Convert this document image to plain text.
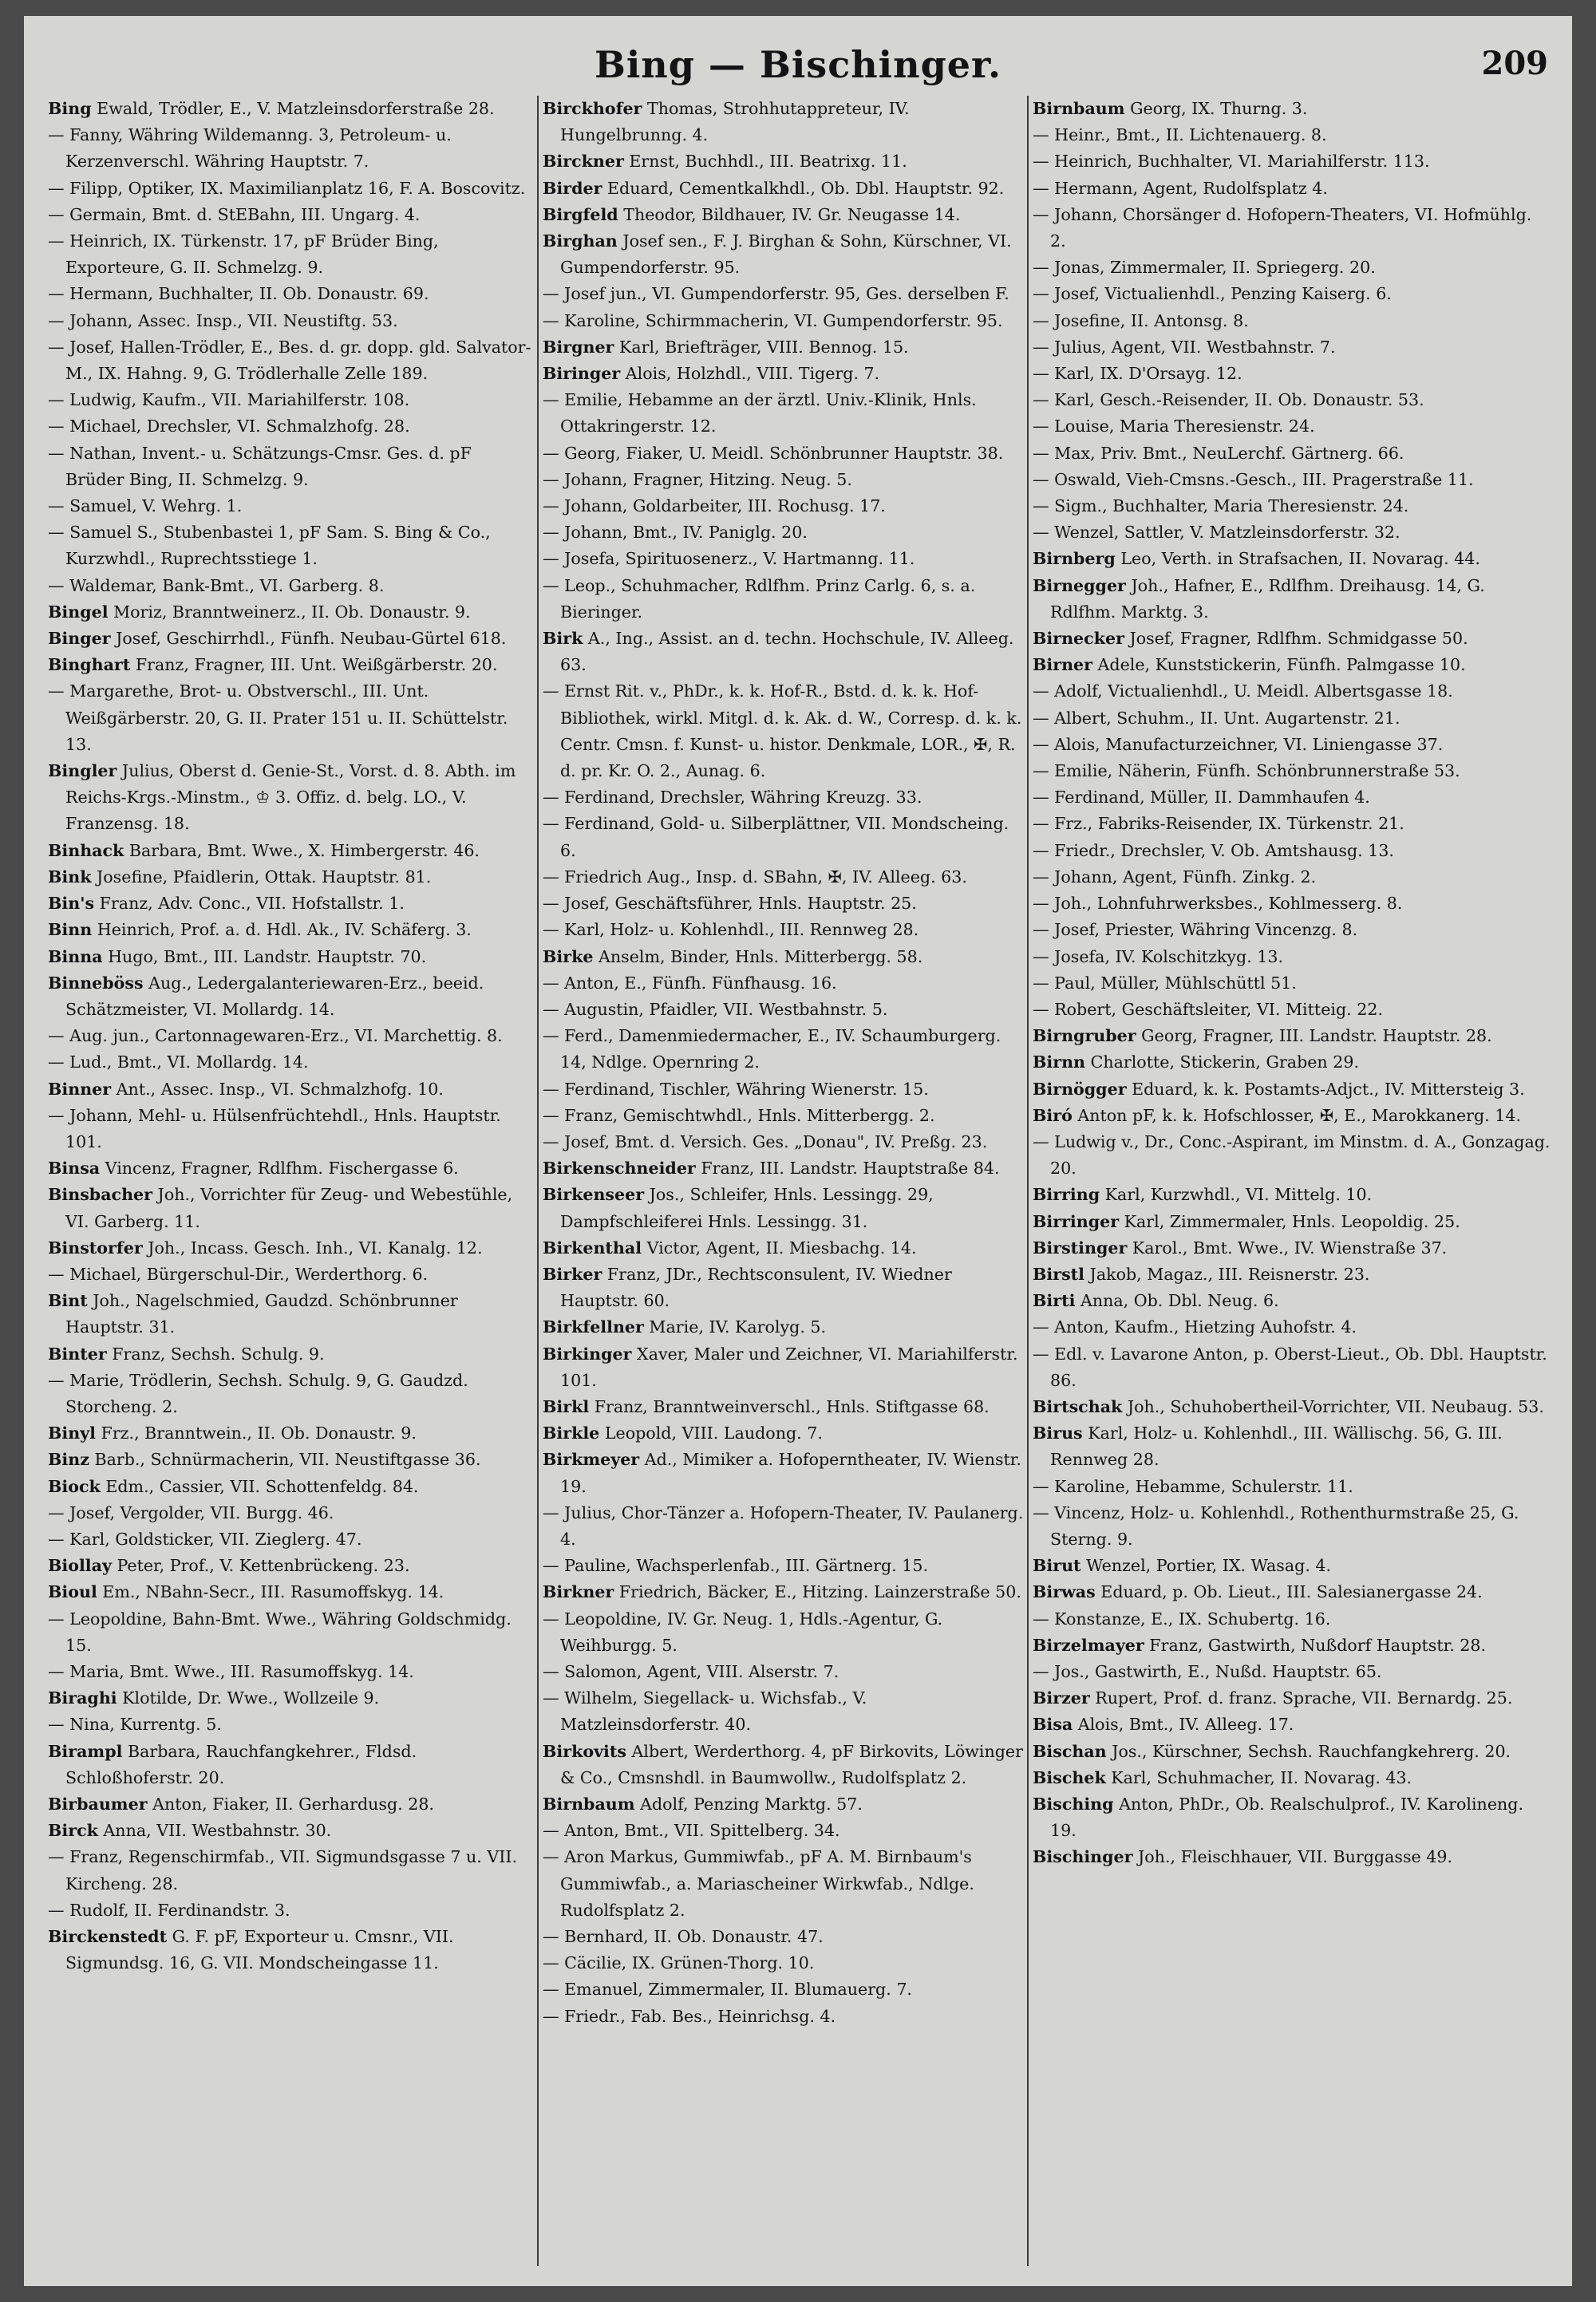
Bing — Bischinger.	209

Bing Ewald, Trödler, E., V. Matzleinsdorferstraße 28.

— Fanny, Währing Wildemanng. 3, Petroleum- u. Kerzenverschl. Währing Hauptstr. 7.

— Filipp, Optiker, IX. Maximilianplatz 16, F. A. Boscovitz.

— Germain, Bmt. d. StEBahn, III. Ungarg. 4.

— Heinrich, IX. Türkenstr. 17, pF Brüder Bing, Exporteure, G. II. Schmelzg. 9.

— Hermann, Buchhalter, II. Ob. Donaustr. 69.

— Johann, Assec. Insp., VII. Neustiftg. 53.

— Josef, Hallen-Trödler, E., Bes. d. gr. dopp. gld. Salvator-M., IX. Hahng. 9, G. Trödlerhalle Zelle 189.

— Ludwig, Kaufm., VII. Mariahilferstr. 108.

— Michael, Drechsler, VI. Schmalzhofg. 28.

— Nathan, Invent.- u. Schätzungs-Cmsr. Ges. d. pF Brüder Bing, II. Schmelzg. 9.

— Samuel, V. Wehrg. 1.

— Samuel S., Stubenbastei 1, pF Sam. S. Bing & Co., Kurzwhdl., Ruprechtsstiege 1.

— Waldemar, Bank-Bmt., VI. Garberg. 8.

Bingel Moriz, Branntweinerz., II. Ob. Donaustr. 9.

Binger Josef, Geschirrhdl., Fünfh. Neubau-Gürtel 618.

Binghart Franz, Fragner, III. Unt. Weißgärberstr. 20.

— Margarethe, Brot- u. Obstverschl., III. Unt. Weißgärberstr. 20, G. II. Prater 151 u. II. Schüttelstr. 13.

Bingler Julius, Oberst d. Genie-St., Vorst. d. 8. Abth. im Reichs-Krgs.-Minstm., ♔ 3. Offiz. d. belg. LO., V. Franzensg. 18.

Binhack Barbara, Bmt. Wwe., X. Himbergerstr. 46.

Bink Josefine, Pfaidlerin, Ottak. Hauptstr. 81.

Bin's Franz, Adv. Conc., VII. Hofstallstr. 1.

Binn Heinrich, Prof. a. d. Hdl. Ak., IV. Schäferg. 3.

Binna Hugo, Bmt., III. Landstr. Hauptstr. 70.

Binneböss Aug., Ledergalanteriewaren-Erz., beeid. Schätzmeister, VI. Mollardg. 14.

— Aug. jun., Cartonnagewaren-Erz., VI. Marchettig. 8.

— Lud., Bmt., VI. Mollardg. 14.

Binner Ant., Assec. Insp., VI. Schmalzhofg. 10.

— Johann, Mehl- u. Hülsenfrüchtehdl., Hnls. Hauptstr. 101.

Binsa Vincenz, Fragner, Rdlfhm. Fischergasse 6.

Binsbacher Joh., Vorrichter für Zeug- und Webestühle, VI. Garberg. 11.

Binstorfer Joh., Incass. Gesch. Inh., VI. Kanalg. 12.

— Michael, Bürgerschul-Dir., Werderthorg. 6.

Bint Joh., Nagelschmied, Gaudzd. Schönbrunner Hauptstr. 31.

Binter Franz, Sechsh. Schulg. 9.

— Marie, Trödlerin, Sechsh. Schulg. 9, G. Gaudzd. Storcheng. 2.

Binyl Frz., Branntwein., II. Ob. Donaustr. 9.

Binz Barb., Schnürmacherin, VII. Neustiftgasse 36.

Biock Edm., Cassier, VII. Schottenfeldg. 84.

— Josef, Vergolder, VII. Burgg. 46.

— Karl, Goldsticker, VII. Zieglerg. 47.

Biollay Peter, Prof., V. Kettenbrückeng. 23.

Bioul Em., NBahn-Secr., III. Rasumoffskyg. 14.

— Leopoldine, Bahn-Bmt. Wwe., Währing Goldschmidg. 15.

— Maria, Bmt. Wwe., III. Rasumoffskyg. 14.

Biraghi Klotilde, Dr. Wwe., Wollzeile 9.

— Nina, Kurrentg. 5.

Birampl Barbara, Rauchfangkehrer., Fldsd. Schloßhoferstr. 20.

Birbaumer Anton, Fiaker, II. Gerhardusg. 28.

Birck Anna, VII. Westbahnstr. 30.

— Franz, Regenschirmfab., VII. Sigmundsgasse 7 u. VII. Kircheng. 28.

— Rudolf, II. Ferdinandstr. 3.

Birckenstedt G. F. pF, Exporteur u. Cmsnr., VII. Sigmundsg. 16, G. VII. Mondscheingasse 11.

Birckhofer Thomas, Strohhutappreteur, IV. Hungelbrunng. 4.

Birckner Ernst, Buchhdl., III. Beatrixg. 11.

Birder Eduard, Cementkalkhdl., Ob. Dbl. Hauptstr. 92.

Birgfeld Theodor, Bildhauer, IV. Gr. Neugasse 14.

Birghan Josef sen., F. J. Birghan & Sohn, Kürschner, VI. Gumpendorferstr. 95.

— Josef jun., VI. Gumpendorferstr. 95, Ges. derselben F.

— Karoline, Schirmmacherin, VI. Gumpendorferstr. 95.

Birgner Karl, Briefträger, VIII. Bennog. 15.

Biringer Alois, Holzhdl., VIII. Tigerg. 7.

— Emilie, Hebamme an der ärztl. Univ.-Klinik, Hnls. Ottakringerstr. 12.

— Georg, Fiaker, U. Meidl. Schönbrunner Hauptstr. 38.

— Johann, Fragner, Hitzing. Neug. 5.

— Johann, Goldarbeiter, III. Rochusg. 17.

— Johann, Bmt., IV. Paniglg. 20.

— Josefa, Spirituosenerz., V. Hartmanng. 11.

— Leop., Schuhmacher, Rdlfhm. Prinz Carlg. 6, s. a. Bieringer.

Birk A., Ing., Assist. an d. techn. Hochschule, IV. Alleeg. 63.

— Ernst Rit. v., PhDr., k. k. Hof-R., Bstd. d. k. k. Hof-Bibliothek, wirkl. Mitgl. d. k. Ak. d. W., Corresp. d. k. k. Centr. Cmsn. f. Kunst- u. histor. Denkmale, LOR., ✠, R. d. pr. Kr. O. 2., Aunag. 6.

— Ferdinand, Drechsler, Währing Kreuzg. 33.

— Ferdinand, Gold- u. Silberplättner, VII. Mondscheing. 6.

— Friedrich Aug., Insp. d. SBahn, ✠, IV. Alleeg. 63.

— Josef, Geschäftsführer, Hnls. Hauptstr. 25.

— Karl, Holz- u. Kohlenhdl., III. Rennweg 28.

Birke Anselm, Binder, Hnls. Mitterbergg. 58.

— Anton, E., Fünfh. Fünfhausg. 16.

— Augustin, Pfaidler, VII. Westbahnstr. 5.

— Ferd., Damenmiedermacher, E., IV. Schaumburgerg. 14, Ndlge. Opernring 2.

— Ferdinand, Tischler, Währing Wienerstr. 15.

— Franz, Gemischtwhdl., Hnls. Mitterbergg. 2.

— Josef, Bmt. d. Versich. Ges. „Donau", IV. Preßg. 23.

Birkenschneider Franz, III. Landstr. Hauptstraße 84.

Birkenseer Jos., Schleifer, Hnls. Lessingg. 29, Dampfschleiferei Hnls. Lessingg. 31.

Birkenthal Victor, Agent, II. Miesbachg. 14.

Birker Franz, JDr., Rechtsconsulent, IV. Wiedner Hauptstr. 60.

Birkfellner Marie, IV. Karolyg. 5.

Birkinger Xaver, Maler und Zeichner, VI. Mariahilferstr. 101.

Birkl Franz, Branntweinverschl., Hnls. Stiftgasse 68.

Birkle Leopold, VIII. Laudong. 7.

Birkmeyer Ad., Mimiker a. Hofoperntheater, IV. Wienstr. 19.

— Julius, Chor-Tänzer a. Hofopern-Theater, IV. Paulanerg. 4.

— Pauline, Wachsperlenfab., III. Gärtnerg. 15.

Birkner Friedrich, Bäcker, E., Hitzing. Lainzerstraße 50.

— Leopoldine, IV. Gr. Neug. 1, Hdls.-Agentur, G. Weihburgg. 5.

— Salomon, Agent, VIII. Alserstr. 7.

— Wilhelm, Siegellack- u. Wichsfab., V. Matzleinsdorferstr. 40.

Birkovits Albert, Werderthorg. 4, pF Birkovits, Löwinger & Co., Cmsnshdl. in Baumwollw., Rudolfsplatz 2.

Birnbaum Adolf, Penzing Marktg. 57.

— Anton, Bmt., VII. Spittelberg. 34.

— Aron Markus, Gummiwfab., pF A. M. Birnbaum's Gummiwfab., a. Mariascheiner Wirkwfab., Ndlge. Rudolfsplatz 2.

— Bernhard, II. Ob. Donaustr. 47.

— Cäcilie, IX. Grünen-Thorg. 10.

— Emanuel, Zimmermaler, II. Blumauerg. 7.

— Friedr., Fab. Bes., Heinrichsg. 4.

Birnbaum Georg, IX. Thurng. 3.

— Heinr., Bmt., II. Lichtenauerg. 8.

— Heinrich, Buchhalter, VI. Mariahilferstr. 113.

— Hermann, Agent, Rudolfsplatz 4.

— Johann, Chorsänger d. Hofopern-Theaters, VI. Hofmühlg. 2.

— Jonas, Zimmermaler, II. Spriegerg. 20.

— Josef, Victualienhdl., Penzing Kaiserg. 6.

— Josefine, II. Antonsg. 8.

— Julius, Agent, VII. Westbahnstr. 7.

— Karl, IX. D'Orsayg. 12.

— Karl, Gesch.-Reisender, II. Ob. Donaustr. 53.

— Louise, Maria Theresienstr. 24.

— Max, Priv. Bmt., NeuLerchf. Gärtnerg. 66.

— Oswald, Vieh-Cmsns.-Gesch., III. Pragerstraße 11.

— Sigm., Buchhalter, Maria Theresienstr. 24.

— Wenzel, Sattler, V. Matzleinsdorferstr. 32.

Birnberg Leo, Verth. in Strafsachen, II. Novarag. 44.

Birnegger Joh., Hafner, E., Rdlfhm. Dreihausg. 14, G. Rdlfhm. Marktg. 3.

Birnecker Josef, Fragner, Rdlfhm. Schmidgasse 50.

Birner Adele, Kunststickerin, Fünfh. Palmgasse 10.

— Adolf, Victualienhdl., U. Meidl. Albertsgasse 18.

— Albert, Schuhm., II. Unt. Augartenstr. 21.

— Alois, Manufacturzeichner, VI. Liniengasse 37.

— Emilie, Näherin, Fünfh. Schönbrunnerstraße 53.

— Ferdinand, Müller, II. Dammhaufen 4.

— Frz., Fabriks-Reisender, IX. Türkenstr. 21.

— Friedr., Drechsler, V. Ob. Amtshausg. 13.

— Johann, Agent, Fünfh. Zinkg. 2.

— Joh., Lohnfuhrwerksbes., Kohlmesserg. 8.

— Josef, Priester, Währing Vincenzg. 8.

— Josefa, IV. Kolschitzkyg. 13.

— Paul, Müller, Mühlschüttl 51.

— Robert, Geschäftsleiter, VI. Mitteig. 22.

Birngruber Georg, Fragner, III. Landstr. Hauptstr. 28.

Birnn Charlotte, Stickerin, Graben 29.

Birnögger Eduard, k. k. Postamts-Adjct., IV. Mittersteig 3.

Biró Anton pF, k. k. Hofschlosser, ✠, E., Marokkanerg. 14.

— Ludwig v., Dr., Conc.-Aspirant, im Minstm. d. A., Gonzagag. 20.

Birring Karl, Kurzwhdl., VI. Mittelg. 10.

Birringer Karl, Zimmermaler, Hnls. Leopoldig. 25.

Birstinger Karol., Bmt. Wwe., IV. Wienstraße 37.

Birstl Jakob, Magaz., III. Reisnerstr. 23.

Birti Anna, Ob. Dbl. Neug. 6.

— Anton, Kaufm., Hietzing Auhofstr. 4.

— Edl. v. Lavarone Anton, p. Oberst-Lieut., Ob. Dbl. Hauptstr. 86.

Birtschak Joh., Schuhobertheil-Vorrichter, VII. Neubaug. 53.

Birus Karl, Holz- u. Kohlenhdl., III. Wällischg. 56, G. III. Rennweg 28.

— Karoline, Hebamme, Schulerstr. 11.

— Vincenz, Holz- u. Kohlenhdl., Rothenthurmstraße 25, G. Sterng. 9.

Birut Wenzel, Portier, IX. Wasag. 4.

Birwas Eduard, p. Ob. Lieut., III. Salesianergasse 24.

— Konstanze, E., IX. Schubertg. 16.

Birzelmayer Franz, Gastwirth, Nußdorf Hauptstr. 28.

— Jos., Gastwirth, E., Nußd. Hauptstr. 65.

Birzer Rupert, Prof. d. franz. Sprache, VII. Bernardg. 25.

Bisa Alois, Bmt., IV. Alleeg. 17.

Bischan Jos., Kürschner, Sechsh. Rauchfangkehrerg. 20.

Bischek Karl, Schuhmacher, II. Novarag. 43.

Bisching Anton, PhDr., Ob. Realschulprof., IV. Karolineng. 19.

Bischinger Joh., Fleischhauer, VII. Burggasse 49.
